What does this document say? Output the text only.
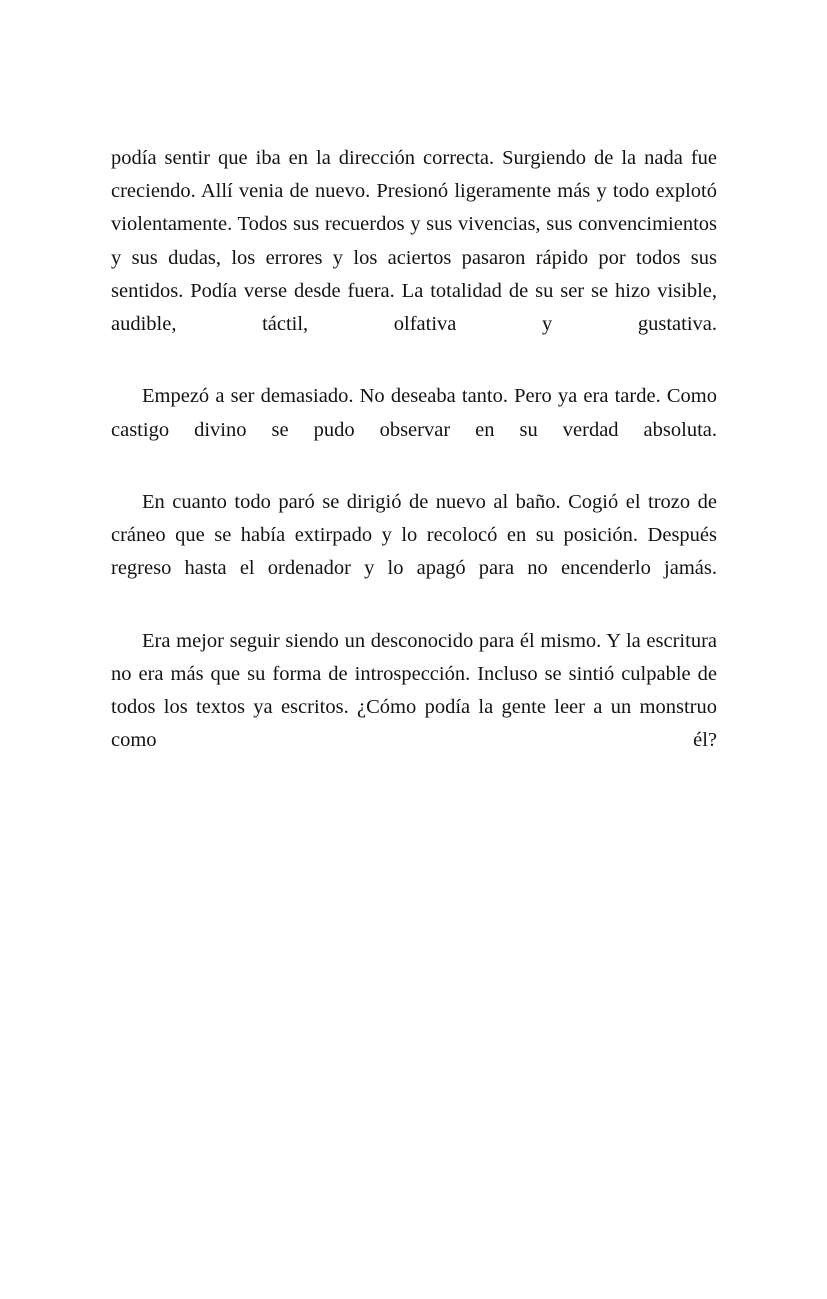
podía sentir que iba en la dirección correcta. Surgiendo de la nada fue creciendo. Allí venia de nuevo. Presionó ligeramente más y todo explotó violentamente. Todos sus recuerdos y sus vivencias, sus convencimientos y sus dudas, los errores y los aciertos pasaron rápido por todos sus sentidos. Podía verse desde fuera. La totalidad de su ser se hizo visible, audible, táctil, olfativa y gustativa.

Empezó a ser demasiado. No deseaba tanto. Pero ya era tarde. Como castigo divino se pudo observar en su verdad absoluta.

En cuanto todo paró se dirigió de nuevo al baño. Cogió el trozo de cráneo que se había extirpado y lo recolocó en su posición. Después regreso hasta el ordenador y lo apagó para no encenderlo jamás.

Era mejor seguir siendo un desconocido para él mismo. Y la escritura no era más que su forma de introspección. Incluso se sintió culpable de todos los textos ya escritos. ¿Cómo podía la gente leer a un monstruo como él?
